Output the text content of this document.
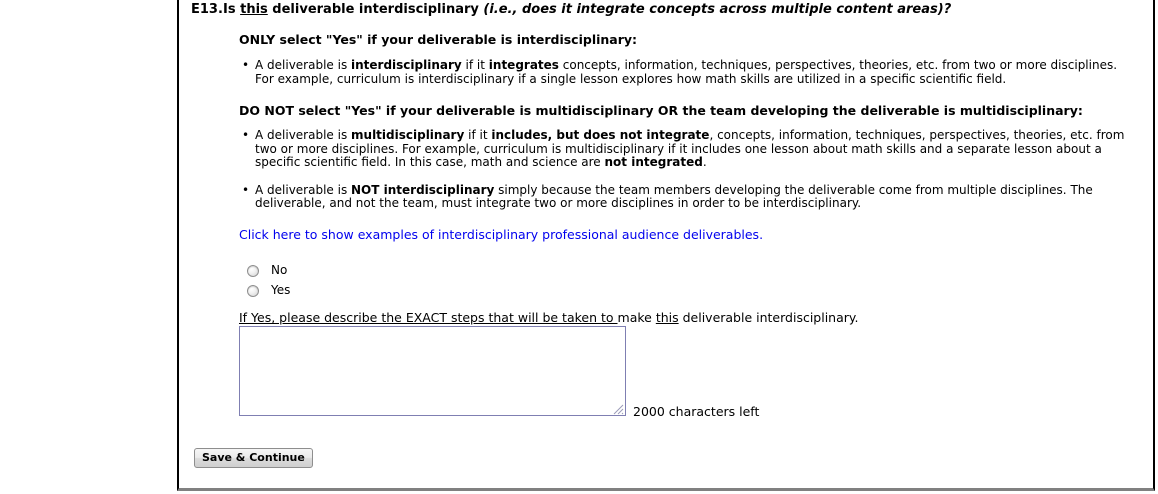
E13. Is this deliverable interdisciplinary (i.e., does it integrate concepts across multiple content areas)?
ONLY select "Yes" if your deliverable is interdisciplinary:
• A deliverable is interdisciplinary if it integrates concepts, information, techniques, perspectives, theories, etc. from two or more disciplines. For example, curriculum is interdisciplinary if a single lesson explores how math skills are utilized in a specific scientific field.
DO NOT select "Yes" if your deliverable is multidisciplinary OR the team developing the deliverable is multidisciplinary:
• A deliverable is multidisciplinary if it includes, but does not integrate, concepts, information, techniques, perspectives, theories, etc. from two or more disciplines. For example, curriculum is multidisciplinary if it includes one lesson about math skills and a separate lesson about a specific scientific field. In this case, math and science are not integrated.
• A deliverable is NOT interdisciplinary simply because the team members developing the deliverable come from multiple disciplines. The deliverable, and not the team, must integrate two or more disciplines in order to be interdisciplinary.
Click here to show examples of interdisciplinary professional audience deliverables.
No
Yes
If Yes, please describe the EXACT steps that will be taken to make this deliverable interdisciplinary.
2000 characters left
Save & Continue
